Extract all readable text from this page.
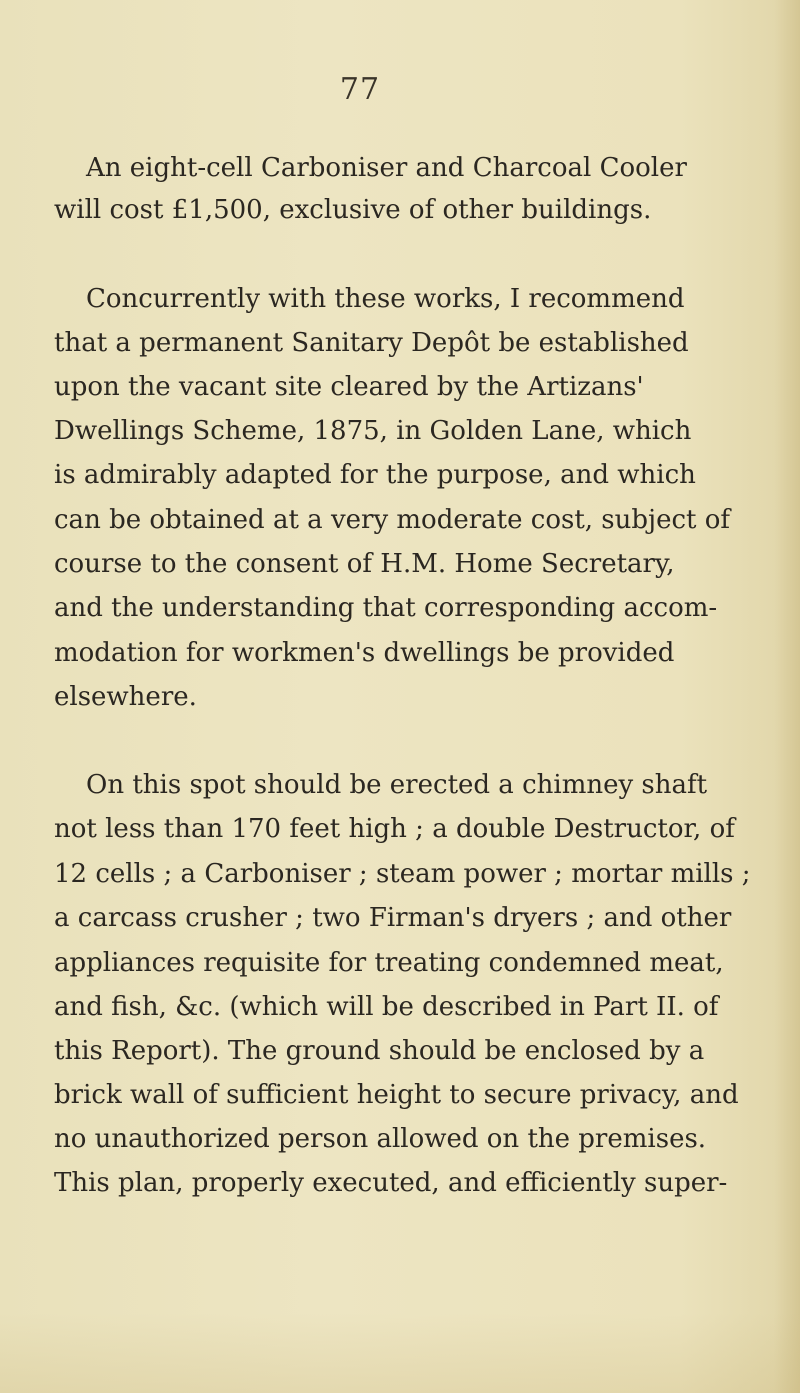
77
An eight-cell Carboniser and Charcoal Cooler
will cost £1,500, exclusive of other buildings.
Concurrently with these works, I recommend
that a permanent Sanitary Depôt be established
upon the vacant site cleared by the Artizans'
Dwellings Scheme, 1875, in Golden Lane, which
is admirably adapted for the purpose, and which
can be obtained at a very moderate cost, subject of
course to the consent of H.M. Home Secretary,
and the understanding that corresponding accom-
modation for workmen's dwellings be provided
elsewhere.
On this spot should be erected a chimney shaft
not less than 170 feet high ; a double Destructor, of
12 cells ; a Carboniser ; steam power ; mortar mills ;
a carcass crusher ; two Firman's dryers ; and other
appliances requisite for treating condemned meat,
and fish, &c. (which will be described in Part II. of
this Report). The ground should be enclosed by a
brick wall of sufficient height to secure privacy, and
no unauthorized person allowed on the premises.
This plan, properly executed, and efficiently super-
